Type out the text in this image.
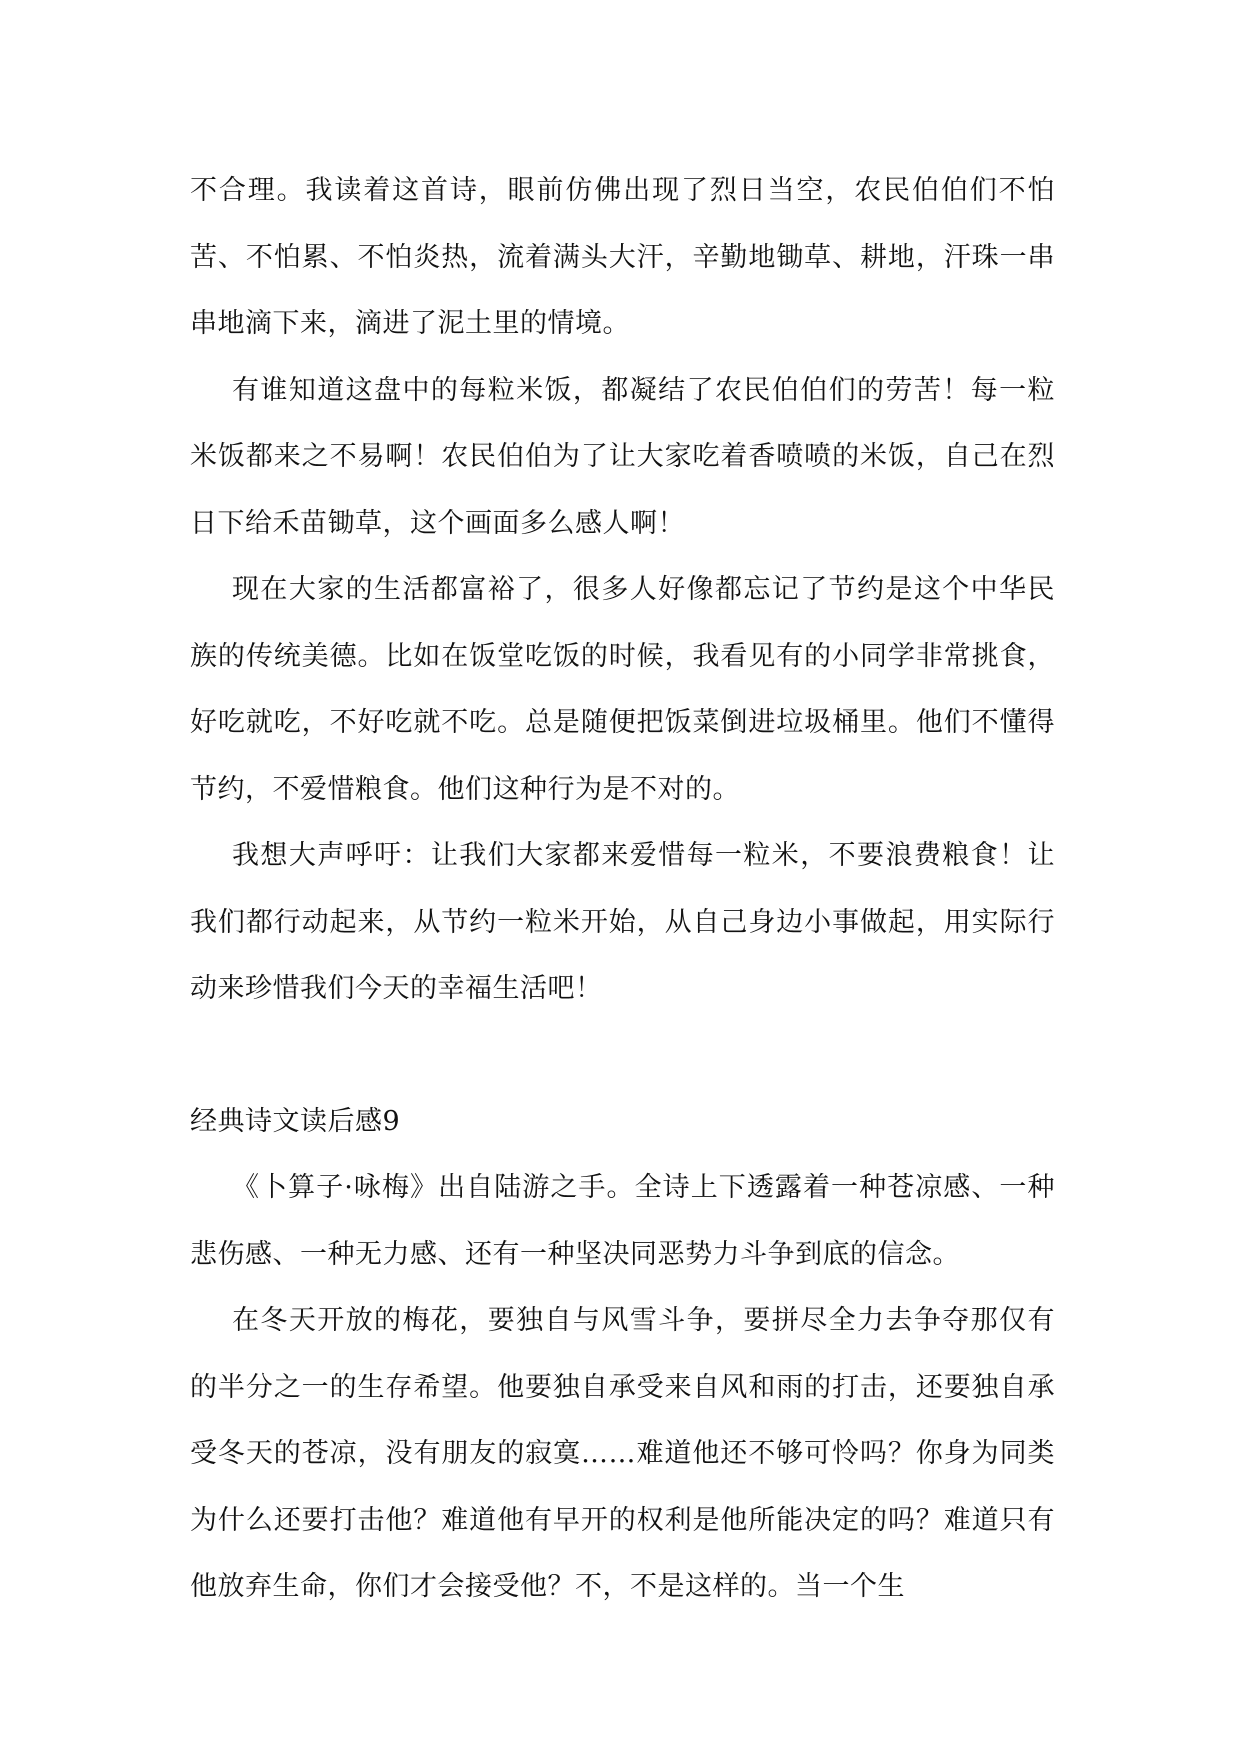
不合理。我读着这首诗，眼前仿佛出现了烈日当空，农民伯伯们不怕苦、不怕累、不怕炎热，流着满头大汗，辛勤地锄草、耕地，汗珠一串串地滴下来，滴进了泥土里的情境。

有谁知道这盘中的每粒米饭，都凝结了农民伯伯们的劳苦！每一粒米饭都来之不易啊！农民伯伯为了让大家吃着香喷喷的米饭，自己在烈日下给禾苗锄草，这个画面多么感人啊！

现在大家的生活都富裕了，很多人好像都忘记了节约是这个中华民族的传统美德。比如在饭堂吃饭的时候，我看见有的小同学非常挑食，好吃就吃，不好吃就不吃。总是随便把饭菜倒进垃圾桶里。他们不懂得节约，不爱惜粮食。他们这种行为是不对的。

我想大声呼吁：让我们大家都来爱惜每一粒米，不要浪费粮食！让我们都行动起来，从节约一粒米开始，从自己身边小事做起，用实际行动来珍惜我们今天的幸福生活吧！

经典诗文读后感9

《卜算子·咏梅》出自陆游之手。全诗上下透露着一种苍凉感、一种悲伤感、一种无力感、还有一种坚决同恶势力斗争到底的信念。

在冬天开放的梅花，要独自与风雪斗争，要拼尽全力去争夺那仅有的半分之一的生存希望。他要独自承受来自风和雨的打击，还要独自承受冬天的苍凉，没有朋友的寂寞……难道他还不够可怜吗？你身为同类为什么还要打击他？难道他有早开的权利是他所能决定的吗？难道只有他放弃生命，你们才会接受他？不，不是这样的。当一个生
